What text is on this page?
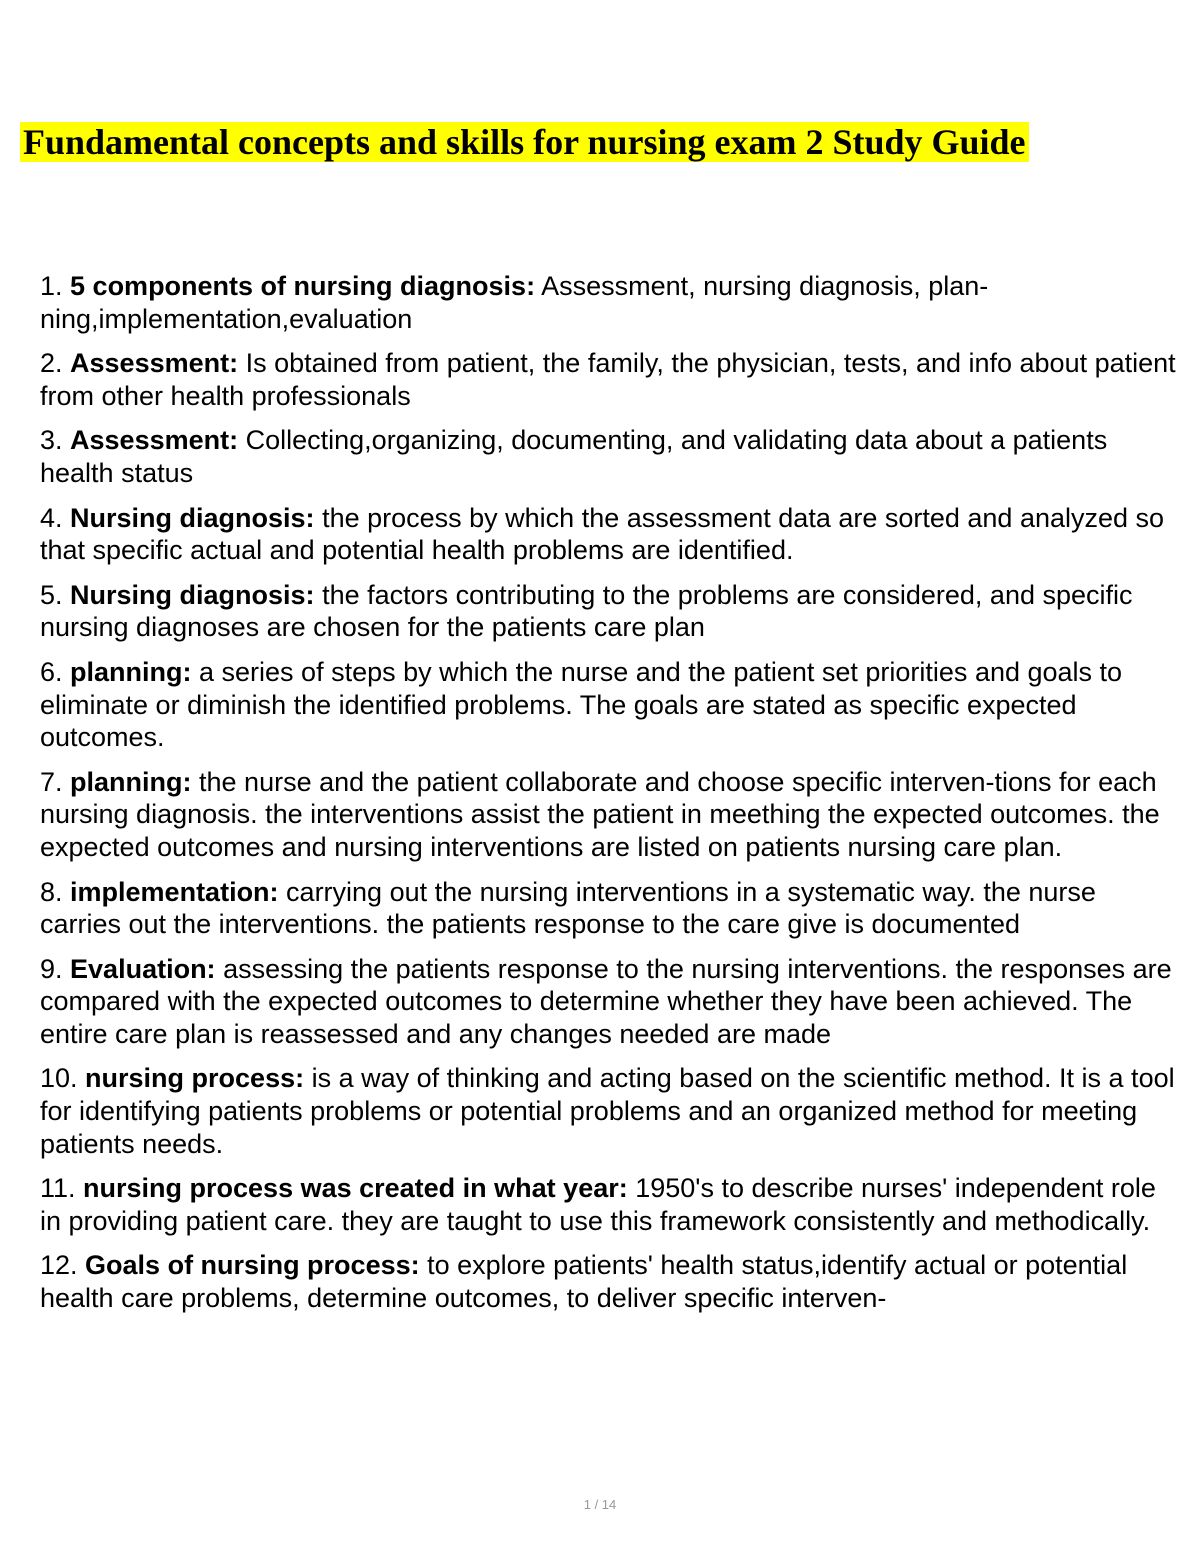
Fundamental concepts and skills for nursing exam 2 Study Guide

1. 5 components of nursing diagnosis: Assessment, nursing diagnosis, plan-ning,implementation,evaluation

2. Assessment: Is obtained from patient, the family, the physician, tests, and info about patient from other health professionals

3. Assessment: Collecting,organizing, documenting, and validating data about a patients health status

4. Nursing diagnosis: the process by which the assessment data are sorted and analyzed so that specific actual and potential health problems are identified.

5. Nursing diagnosis: the factors contributing to the problems are considered, and specific nursing diagnoses are chosen for the patients care plan

6. planning: a series of steps by which the nurse and the patient set priorities and goals to eliminate or diminish the identified problems. The goals are stated as specific expected outcomes.

7. planning: the nurse and the patient collaborate and choose specific interven-tions for each nursing diagnosis. the interventions assist the patient in meething the expected outcomes. the expected outcomes and nursing interventions are listed on patients nursing care plan.

8. implementation: carrying out the nursing interventions in a systematic way. the nurse carries out the interventions. the patients response to the care give is documented

9. Evaluation: assessing the patients response to the nursing interventions. the responses are compared with the expected outcomes to determine whether they have been achieved. The entire care plan is reassessed and any changes needed are made

10. nursing process: is a way of thinking and acting based on the scientific method. It is a tool for identifying patients problems or potential problems and an organized method for meeting patients needs.

11. nursing process was created in what year: 1950's to describe nurses' independent role in providing patient care. they are taught to use this framework consistently and methodically.

12. Goals of nursing process: to explore patients' health status,identify actual or potential health care problems, determine outcomes, to deliver specific interven-

1 / 14
